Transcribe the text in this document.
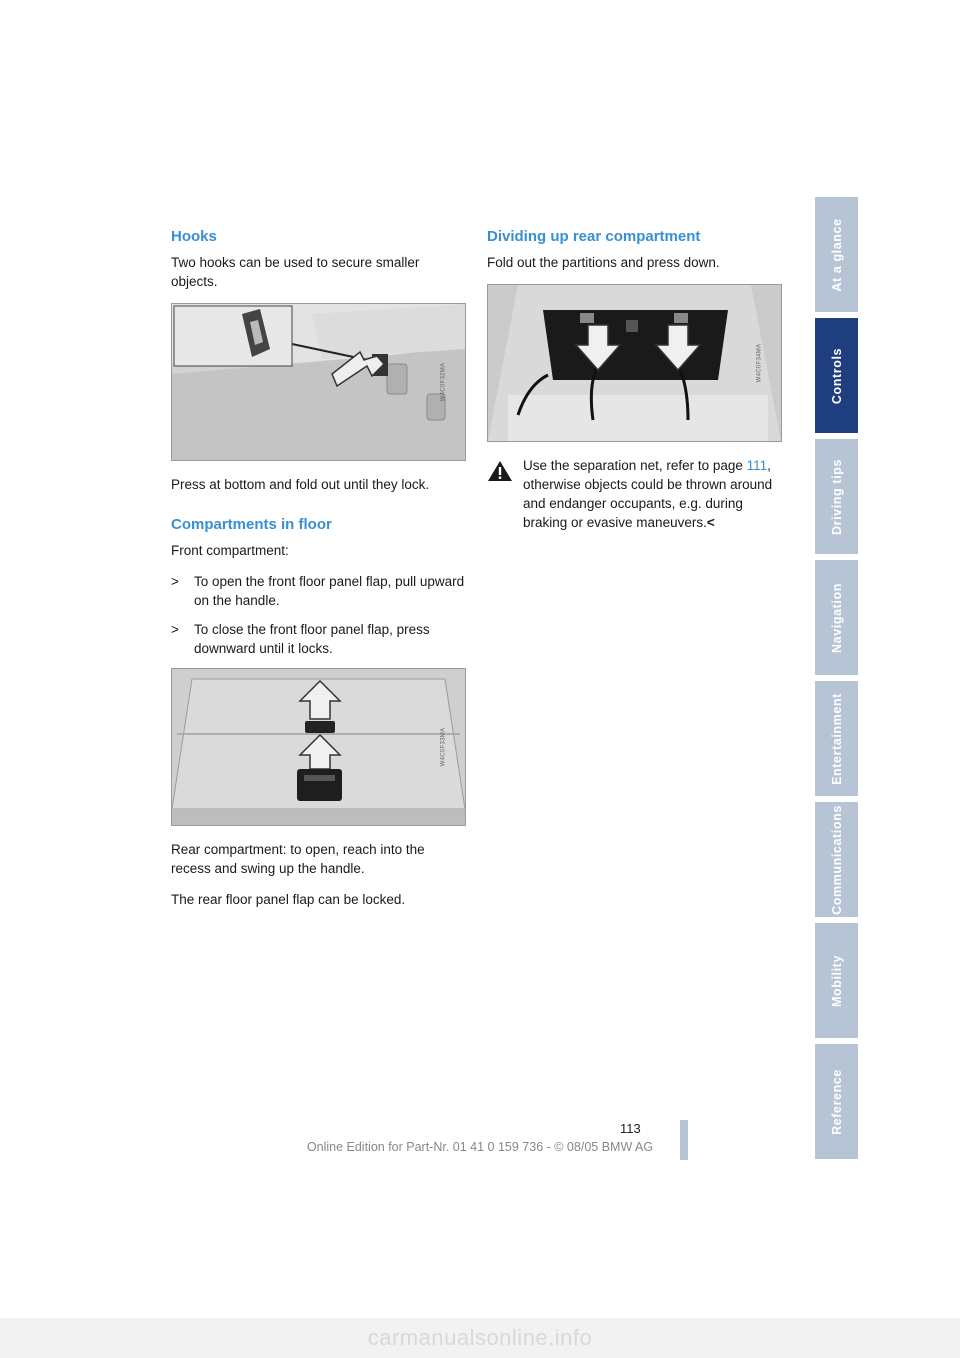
Hooks

Two hooks can be used to secure smaller objects.

W4C0F32MA

Press at bottom and fold out until they lock.

Compartments in floor

Front compartment:

> To open the front floor panel flap, pull upward on the handle.
> To close the front floor panel flap, press downward until it locks.
W4C0F33MA

Rear compartment: to open, reach into the recess and swing up the handle.

The rear floor panel flap can be locked.

Dividing up rear compartment

Fold out the partitions and press down.

W4C0F34MA
Use the separation net, refer to page 111, otherwise objects could be thrown around and endanger occupants, e.g. during braking or evasive maneuvers.<
At a glance
Controls
Driving tips
Navigation
Entertainment
Communications
Mobility
Reference
113
Online Edition for Part-Nr. 01 41 0 159 736 - © 08/05 BMW AG
carmanualsonline.info
